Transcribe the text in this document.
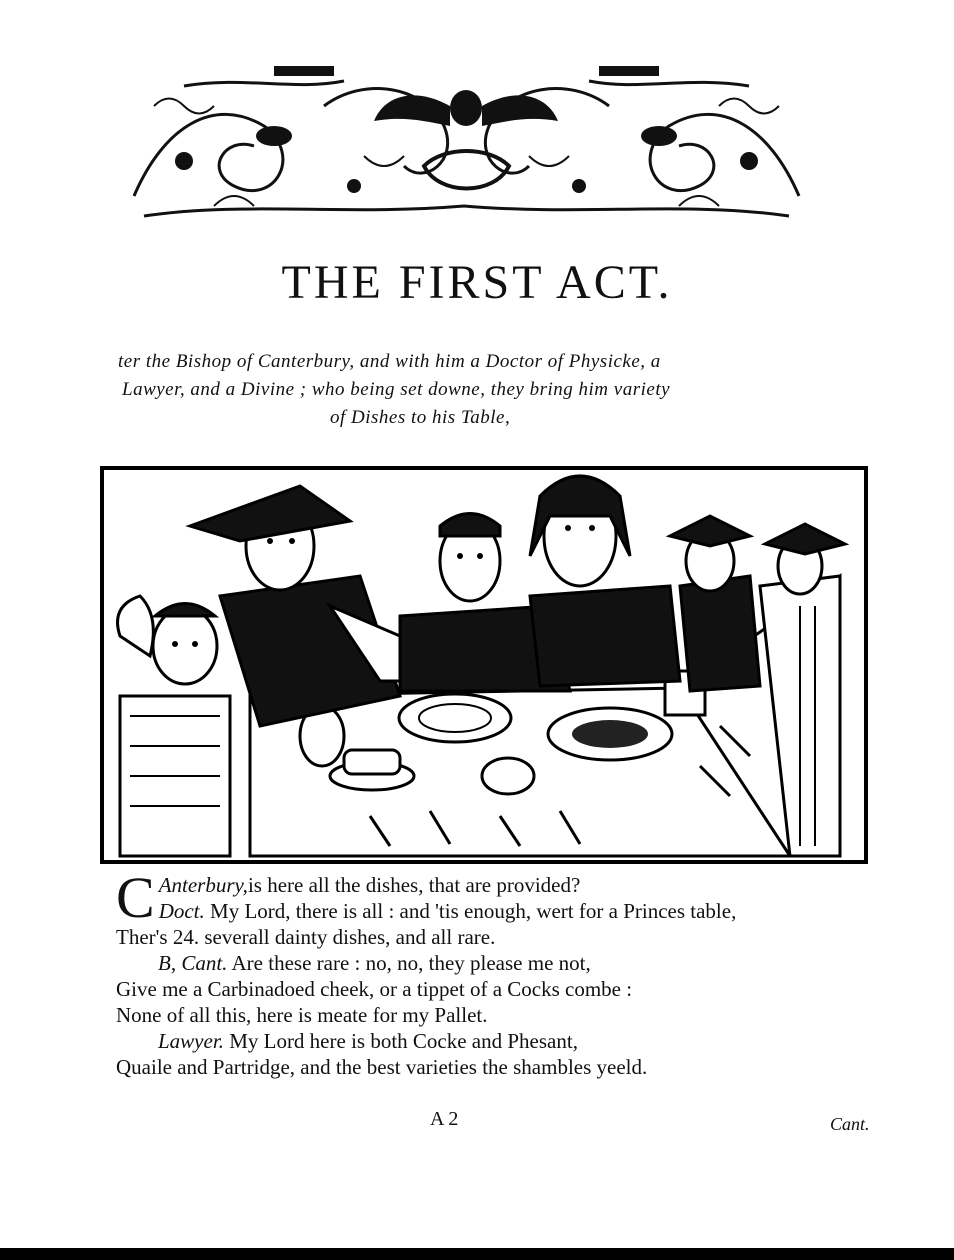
THE FIRST ACT.
ter the Bishop of Canterbury, and with him a Doctor of Physicke, a
Lawyer, and a Divine ; who being set downe, they bring him variety
of Dishes to his Table,
C Anterbury,is here all the dishes, that are provided?
Doct. My Lord, there is all : and 'tis enough, wert for a Princes table,
Ther's 24. severall dainty dishes, and all rare.
B, Cant. Are these rare : no, no, they please me not,
Give me a Carbinadoed cheek, or a tippet of a Cocks combe :
None of all this, here is meate for my Pallet.
Lawyer. My Lord here is both Cocke and Phesant,
Quaile and Partridge, and the best varieties the shambles yeeld.
A 2	Cant.
